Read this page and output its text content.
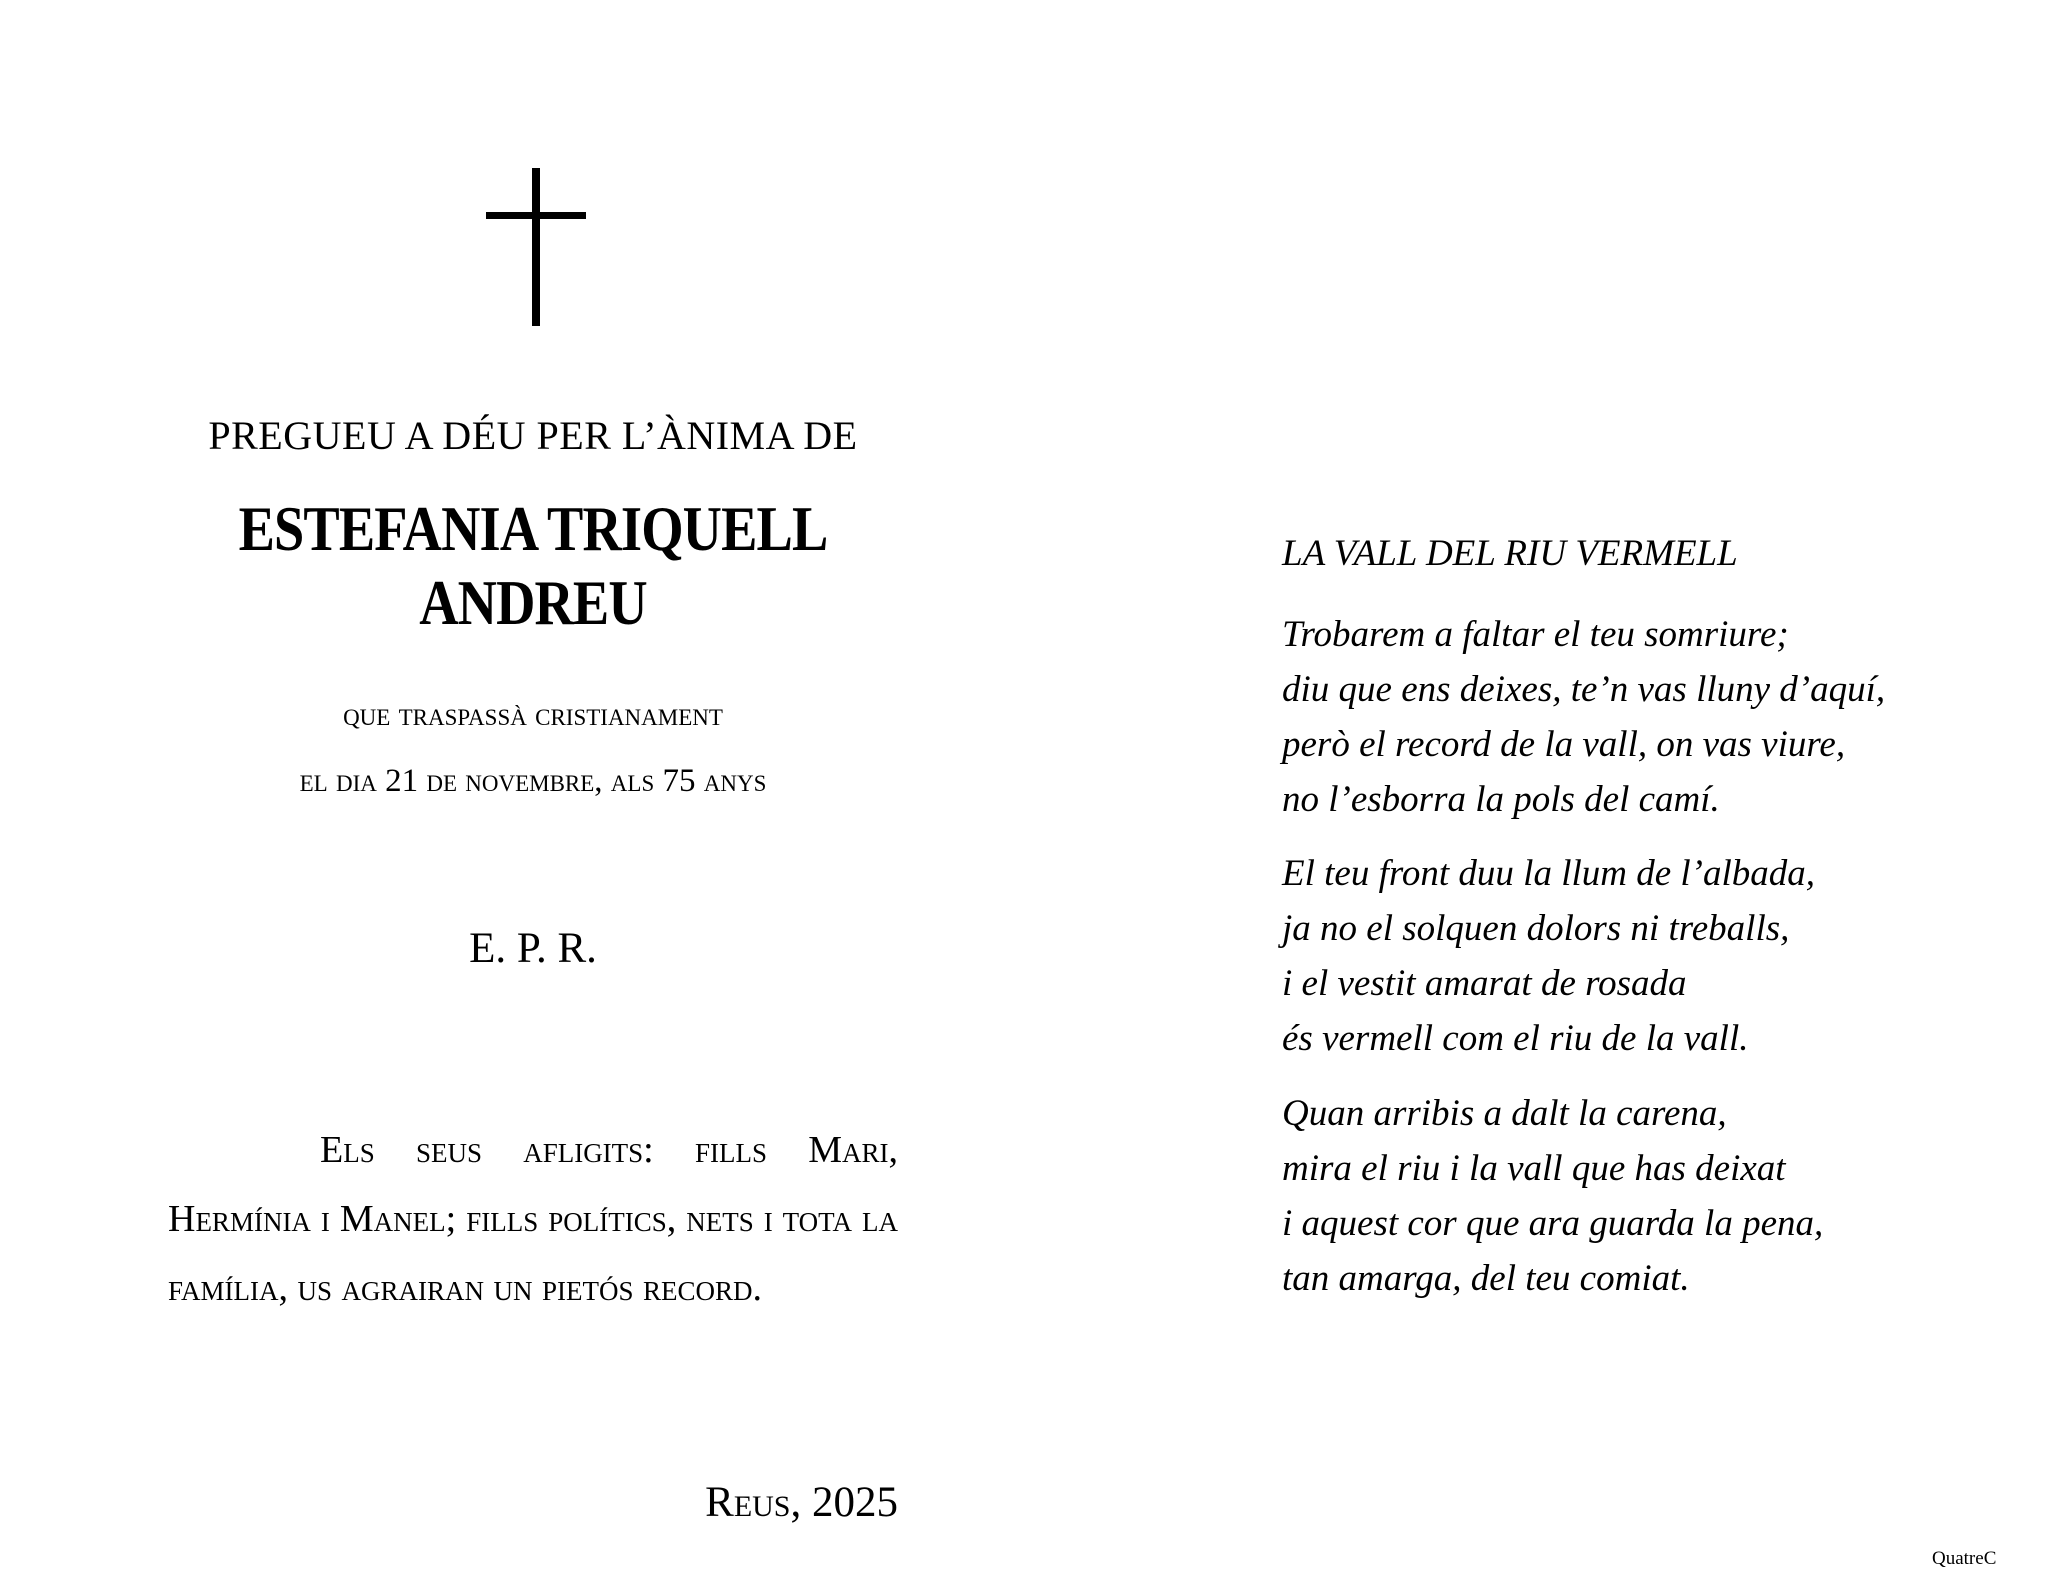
PREGUEU A DÉU PER L’ÀNIMA DE
ESTEFANIA TRIQUELL ANDREU
que traspassà cristianament
el dia 21 de novembre, als 75 anys
E. P. R.
Els seus afligits: fills Mari, Hermínia i Manel; fills polítics, nets i tota la família, us agrairan un pietós record.
Reus, 2025
LA VALL DEL RIU VERMELL
Trobarem a faltar el teu somriure;
diu que ens deixes, te’n vas lluny d’aquí,
però el record de la vall, on vas viure,
no l’esborra la pols del camí.
El teu front duu la llum de l’albada,
ja no el solquen dolors ni treballs,
i el vestit amarat de rosada
és vermell com el riu de la vall.
Quan arribis a dalt la carena,
mira el riu i la vall que has deixat
i aquest cor que ara guarda la pena,
tan amarga, del teu comiat.
QuatreC
